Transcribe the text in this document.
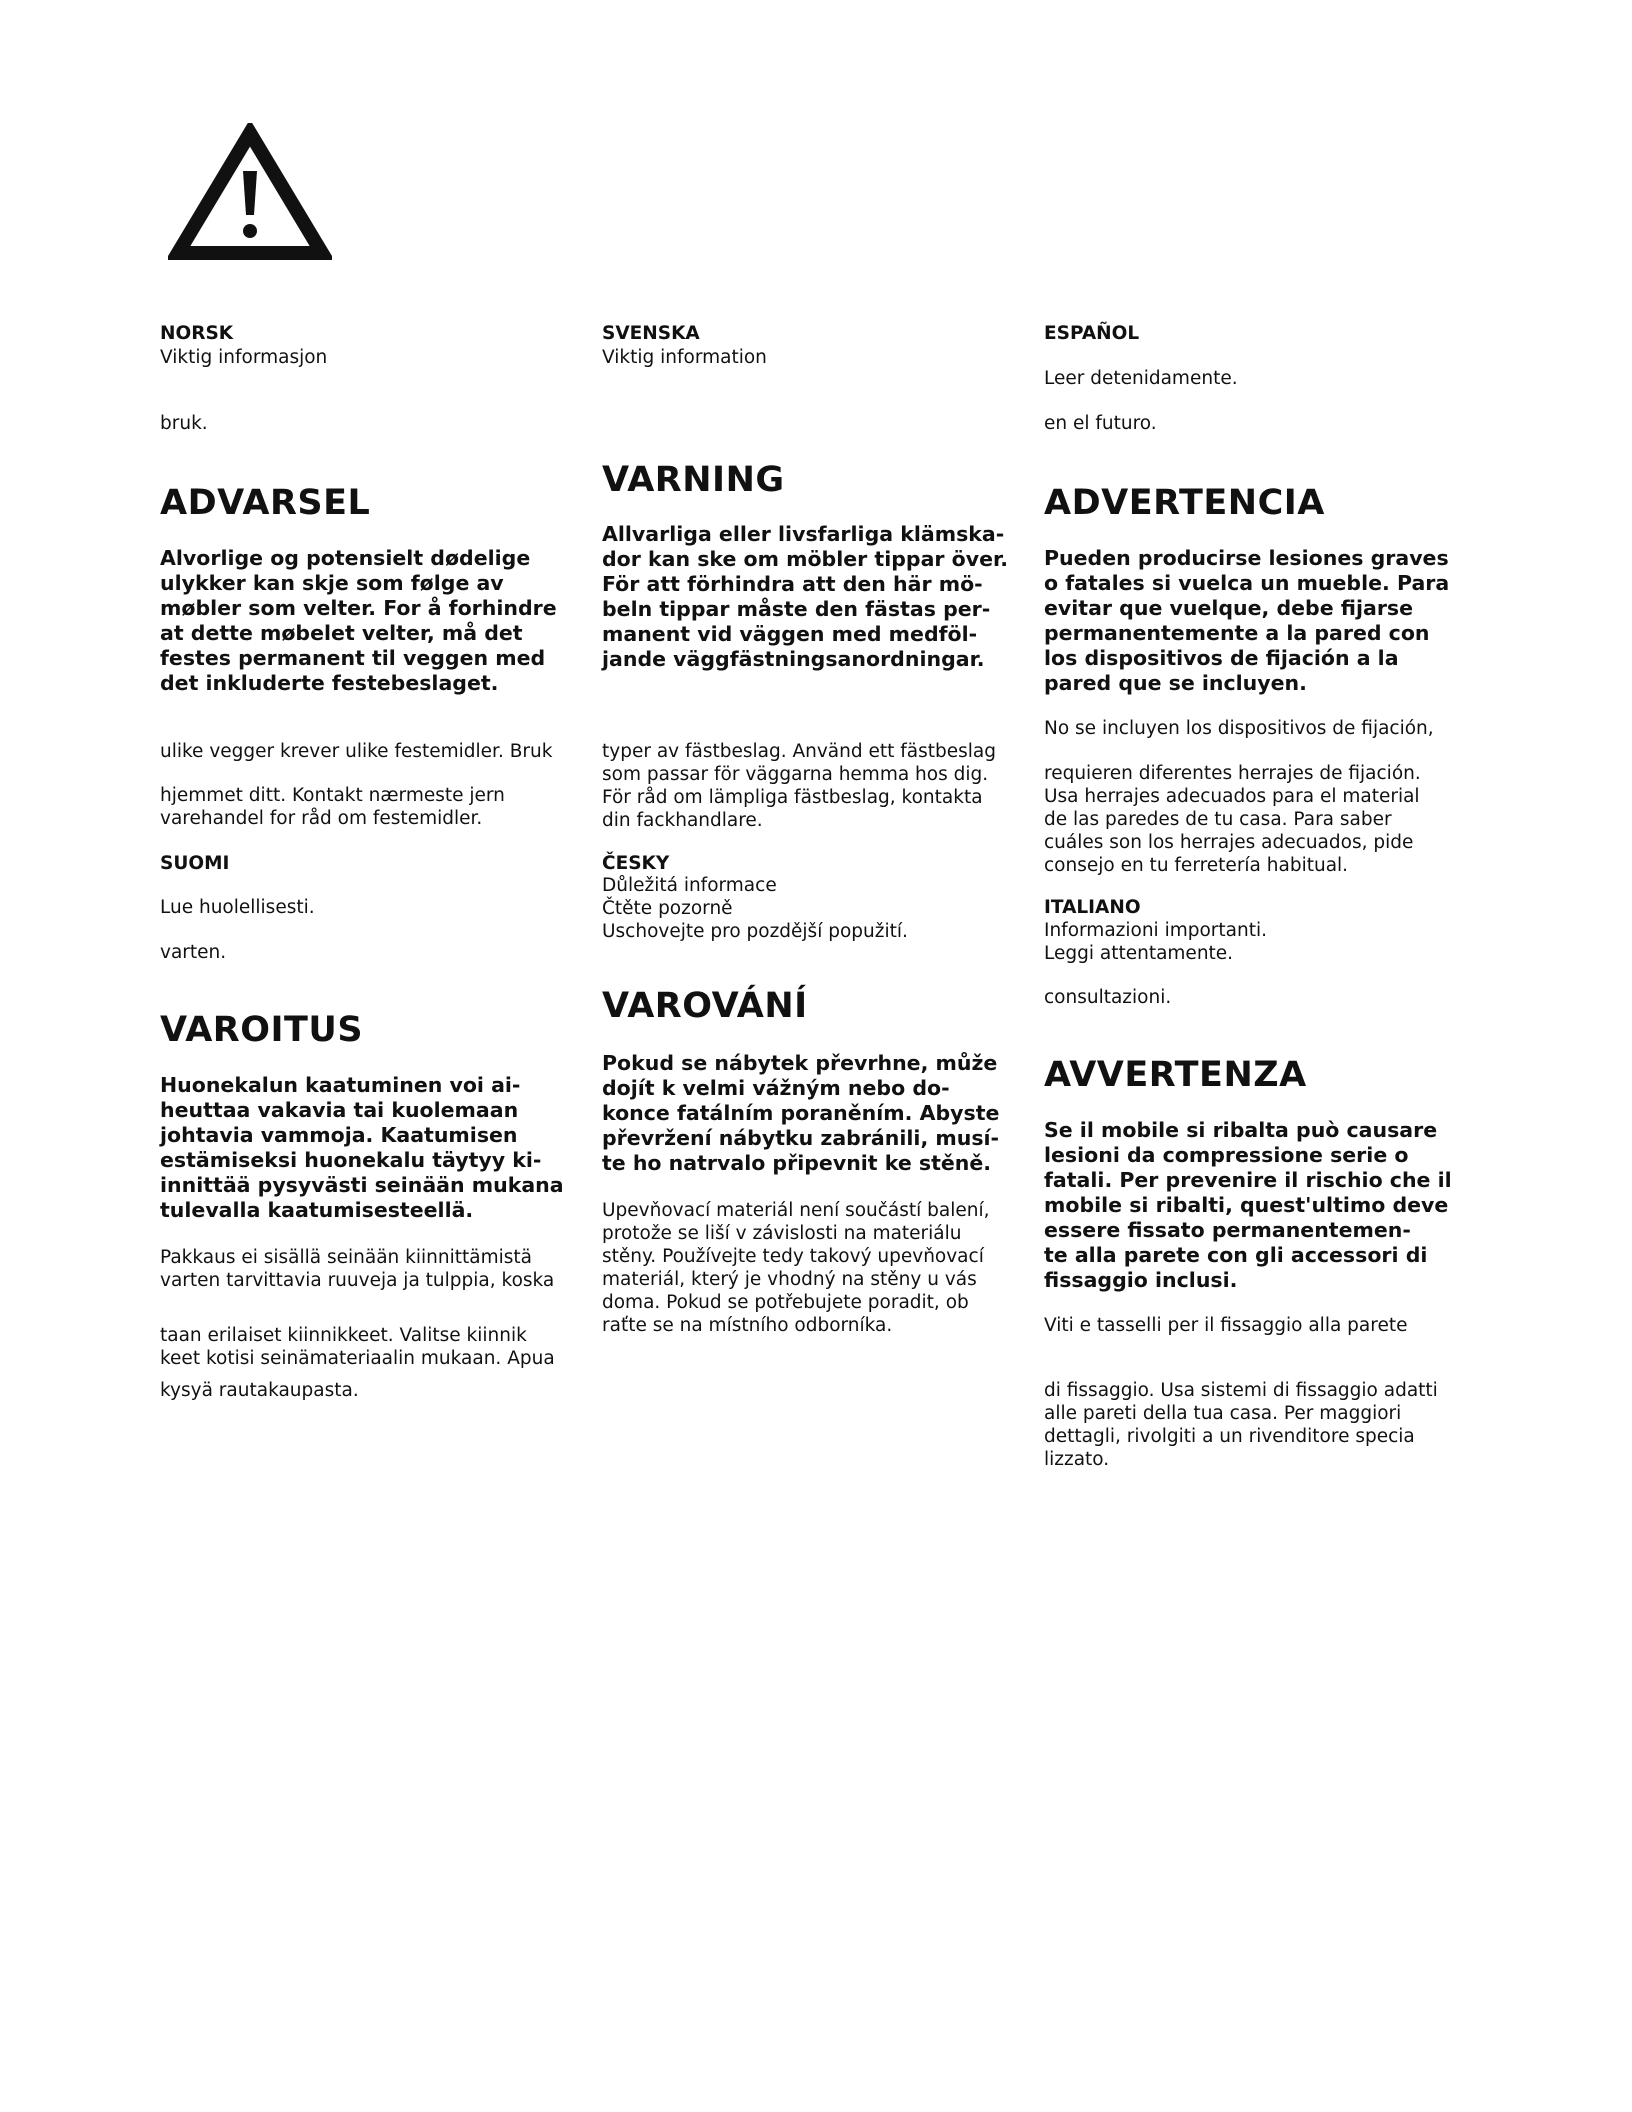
NORSK

Viktig informasjon

bruk.

ADVARSEL

Alvorlige og potensielt dødelige
ulykker kan skje som følge av
møbler som velter. For å forhindre
at dette møbelet velter, må det
festes permanent til veggen med
det inkluderte festebeslaget.

ulike vegger krever ulike festemidler. Bruk

hjemmet ditt. Kontakt nærmeste jern
varehandel for råd om festemidler.

SUOMI

Lue huolellisesti.

varten.

VAROITUS

Huonekalun kaatuminen voi ai-
heuttaa vakavia tai kuolemaan
johtavia vammoja. Kaatumisen
estämiseksi huonekalu täytyy ki-
innittää pysyvästi seinään mukana
tulevalla kaatumisesteellä.

Pakkaus ei sisällä seinään kiinnittämistä
varten tarvittavia ruuveja ja tulppia, koska

taan erilaiset kiinnikkeet. Valitse kiinnik
keet kotisi seinämateriaalin mukaan. Apua

kysyä rautakaupasta.

SVENSKA

Viktig information

VARNING

Allvarliga eller livsfarliga klämska-
dor kan ske om möbler tippar över.
För att förhindra att den här mö-
beln tippar måste den fästas per-
manent vid väggen med medföl-
jande väggfästningsanordningar.

typer av fästbeslag. Använd ett fästbeslag
som passar för väggarna hemma hos dig.
För råd om lämpliga fästbeslag, kontakta
din fackhandlare.

ČESKY

Důležitá informace
Čtěte pozorně
Uschovejte pro pozdější popužití.

VAROVÁNÍ

Pokud se nábytek převrhne, může
dojít k velmi vážným nebo do-
konce fatálním poraněním. Abyste
převržení nábytku zabránili, musí-
te ho natrvalo připevnit ke stěně.

Upevňovací materiál není součástí balení,
protože se liší v závislosti na materiálu
stěny. Používejte tedy takový upevňovací
materiál, který je vhodný na stěny u vás
doma. Pokud se potřebujete poradit, ob
raťte se na místního odborníka.

ESPAÑOL

Leer detenidamente.

en el futuro.

ADVERTENCIA

Pueden producirse lesiones graves
o fatales si vuelca un mueble. Para
evitar que vuelque, debe fijarse
permanentemente a la pared con
los dispositivos de fijación a la
pared que se incluyen.

No se incluyen los dispositivos de fijación,

requieren diferentes herrajes de fijación.
Usa herrajes adecuados para el material
de las paredes de tu casa. Para saber
cuáles son los herrajes adecuados, pide
consejo en tu ferretería habitual.

ITALIANO

Informazioni importanti.
Leggi attentamente.

consultazioni.

AVVERTENZA

Se il mobile si ribalta può causare
lesioni da compressione serie o
fatali. Per prevenire il rischio che il
mobile si ribalti, quest'ultimo deve
essere fissato permanentemen-
te alla parete con gli accessori di
fissaggio inclusi.

Viti e tasselli per il fissaggio alla parete

di fissaggio. Usa sistemi di fissaggio adatti
alle pareti della tua casa. Per maggiori
dettagli, rivolgiti a un rivenditore specia
lizzato.
